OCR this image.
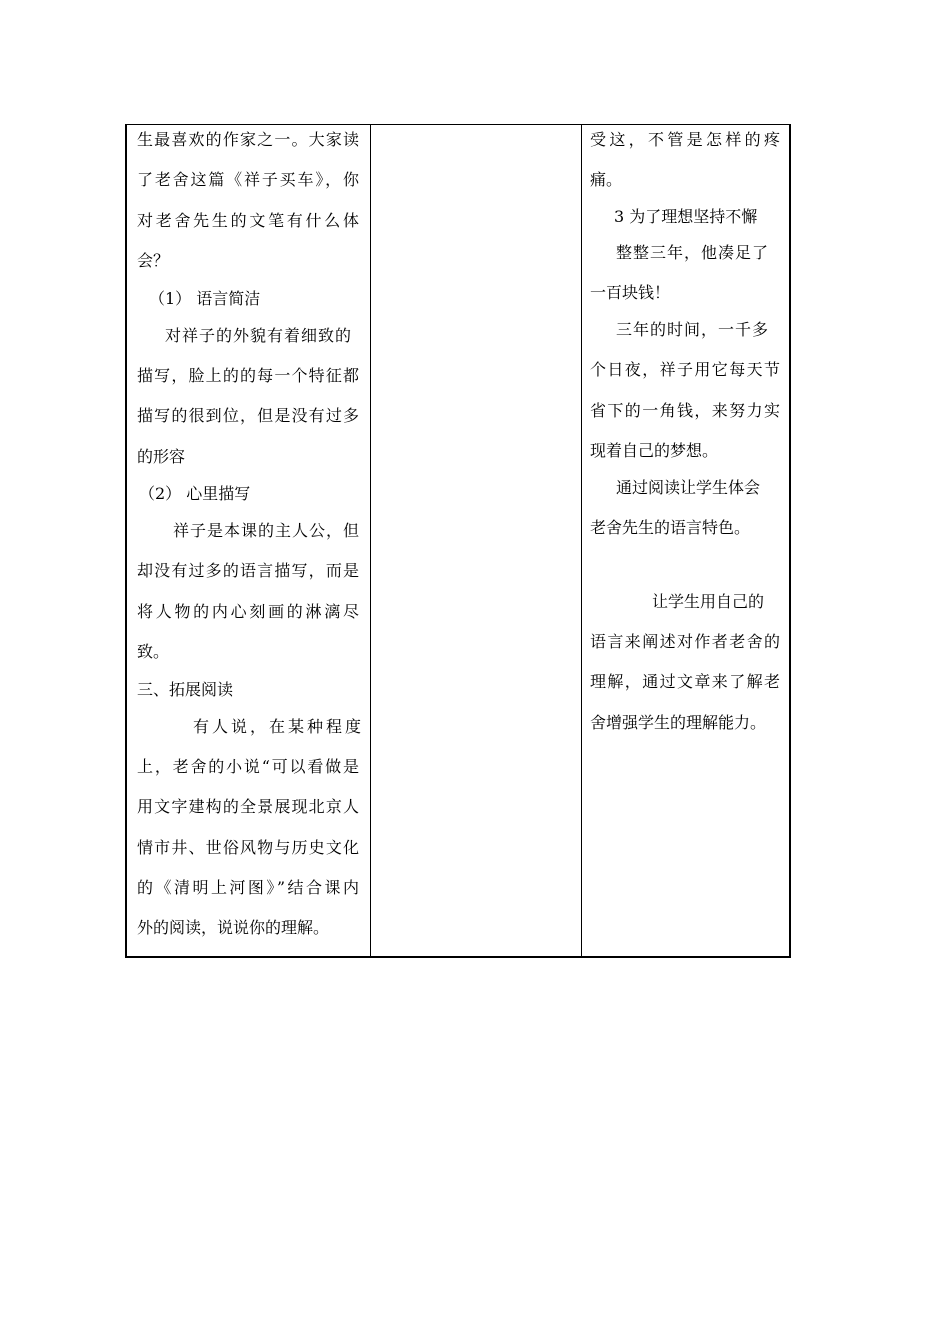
生最喜欢的作家之一。大家读
了老舍这篇《祥子买车》，你
对老舍先生的文笔有什么体
会？
（1） 语言简洁
对祥子的外貌有着细致的
描写，脸上的的每一个特征都
描写的很到位，但是没有过多
的形容
（2） 心里描写
祥子是本课的主人公，但
却没有过多的语言描写，而是
将人物的内心刻画的淋漓尽
致。
三、拓展阅读
有人说，在某种程度
上，老舍的小说“可以看做是
用文字建构的全景展现北京人
情市井、世俗风物与历史文化
的《清明上河图》”结合课内
外的阅读，说说你的理解。
受这，不管是怎样的疼
痛。
3 为了理想坚持不懈
整整三年，他凑足了
一百块钱！
三年的时间，一千多
个日夜，祥子用它每天节
省下的一角钱，来努力实
现着自己的梦想。
通过阅读让学生体会
老舍先生的语言特色。
让学生用自己的
语言来阐述对作者老舍的
理解，通过文章来了解老
舍增强学生的理解能力。
